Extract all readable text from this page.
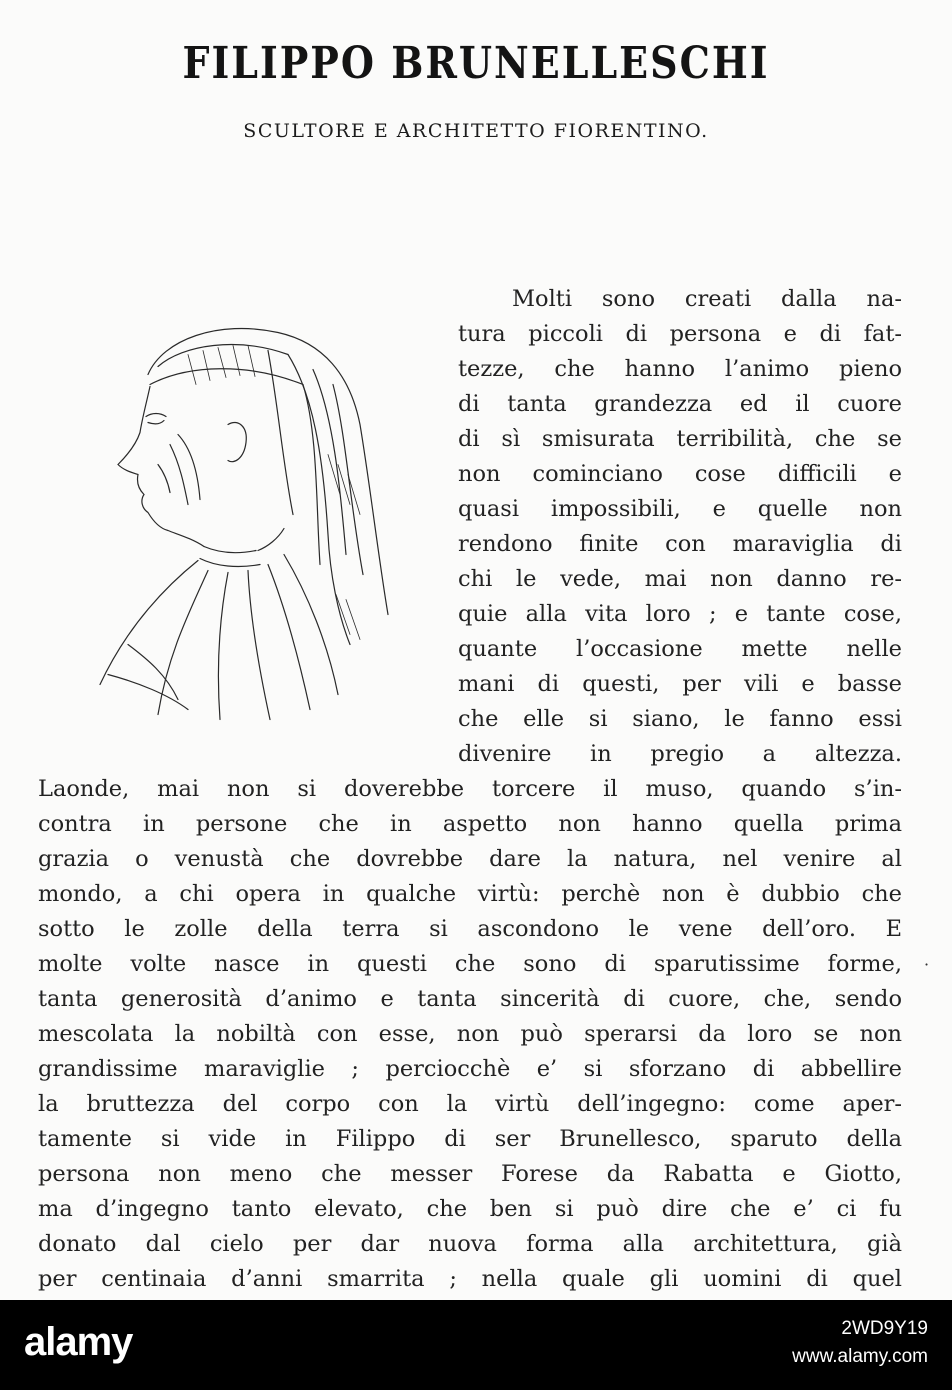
FILIPPO BRUNELLESCHI
SCULTORE E ARCHITETTO FIORENTINO.
Molti sono creati dalla na-
tura piccoli di persona e di fat-
tezze, che hanno l’animo pieno
di tanta grandezza ed il cuore
di sì smisurata terribilità, che se
non cominciano cose difficili e
quasi impossibili, e quelle non
rendono finite con maraviglia di
chi le vede, mai non danno re-
quie alla vita loro ; e tante cose,
quante l’occasione mette nelle
mani di questi, per vili e basse
che elle si siano, le fanno essi
divenire in pregio a altezza.
Laonde, mai non si doverebbe torcere il muso, quando s’in-
contra in persone che in aspetto non hanno quella prima
grazia o venustà che dovrebbe dare la natura, nel venire al
mondo, a chi opera in qualche virtù: perchè non è dubbio che
sotto le zolle della terra si ascondono le vene dell’oro. E
molte volte nasce in questi che sono di sparutissime forme,
tanta generosità d’animo e tanta sincerità di cuore, che, sendo
mescolata la nobiltà con esse, non può sperarsi da loro se non
grandissime maraviglie ; perciocchè e’ si sforzano di abbellire
la bruttezza del corpo con la virtù dell’ingegno: come aper-
tamente si vide in Filippo di ser Brunellesco, sparuto della
persona non meno che messer Forese da Rabatta e Giotto,
ma d’ingegno tanto elevato, che ben si può dire che e’ ci fu
donato dal cielo per dar nuova forma alla architettura, già
per centinaia d’anni smarrita ; nella quale gli uomini di quel
·
alamy	2WD9Y19
www.alamy.com
